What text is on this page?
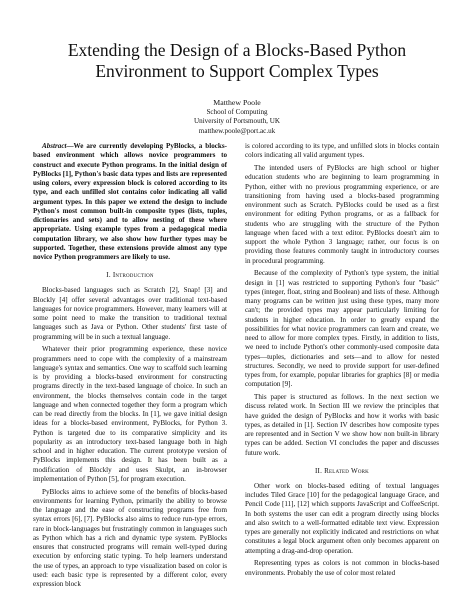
Extending the Design of a Blocks-Based Python
Environment to Support Complex Types
Matthew Poole
School of Computing
University of Portsmouth, UK
matthew.poole@port.ac.uk

Abstract—We are currently developing PyBlocks, a blocks-based environment which allows novice programmers to construct and execute Python programs. In the initial design of PyBlocks [1], Python's basic data types and lists are represented using colors, every expression block is colored according to its type, and each unfilled slot contains color indicating all valid argument types. In this paper we extend the design to include Python's most common built-in composite types (lists, tuples, dictionaries and sets) and to allow nesting of these where appropriate. Using example types from a pedagogical media computation library, we also show how further types may be supported. Together, these extensions provide almost any type novice Python programmers are likely to use.

I. Introduction

Blocks-based languages such as Scratch [2], Snap! [3] and Blockly [4] offer several advantages over traditional text-based languages for novice programmers. However, many learners will at some point need to make the transition to traditional textual languages such as Java or Python. Other students' first taste of programming will be in such a textual language.

Whatever their prior programming experience, these novice programmers need to cope with the complexity of a mainstream language's syntax and semantics. One way to scaffold such learning is by providing a blocks-based environment for constructing programs directly in the text-based language of choice. In such an environment, the blocks themselves contain code in the target language and when connected together they form a program which can be read directly from the blocks. In [1], we gave initial design ideas for a blocks-based environment, PyBlocks, for Python 3. Python is targeted due to its comparative simplicity and its popularity as an introductory text-based language both in high school and in higher education. The current prototype version of PyBlocks implements this design. It has been built as a modification of Blockly and uses Skulpt, an in-browser implementation of Python [5], for program execution.

PyBlocks aims to achieve some of the benefits of blocks-based environments for learning Python, primarily the ability to browse the language and the ease of constructing programs free from syntax errors [6], [7]. PyBlocks also aims to reduce run-type errors, rare in block-languages but frustratingly common in languages such as Python which has a rich and dynamic type system. PyBlocks ensures that constructed programs will remain well-typed during execution by enforcing static typing. To help learners understand the use of types, an approach to type visualization based on color is used: each basic type is represented by a different color, every expression block

is colored according to its type, and unfilled slots in blocks contain colors indicating all valid argument types.

The intended users of PyBlocks are high school or higher education students who are beginning to learn programming in Python, either with no previous programming experience, or are transitioning from having used a blocks-based programming environment such as Scratch. PyBlocks could be used as a first environment for editing Python programs, or as a fallback for students who are struggling with the structure of the Python language when faced with a text editor. PyBlocks doesn't aim to support the whole Python 3 language; rather, our focus is on providing those features commonly taught in introductory courses in procedural programming.

Because of the complexity of Python's type system, the initial design in [1] was restricted to supporting Python's four "basic" types (integer, float, string and Boolean) and lists of these. Although many programs can be written just using these types, many more can't; the provided types may appear particularly limiting for students in higher education. In order to greatly expand the possibilities for what novice programmers can learn and create, we need to allow for more complex types. Firstly, in addition to lists, we need to include Python's other commonly-used composite data types—tuples, dictionaries and sets—and to allow for nested structures. Secondly, we need to provide support for user-defined types from, for example, popular libraries for graphics [8] or media computation [9].

This paper is structured as follows. In the next section we discuss related work. In Section III we review the principles that have guided the design of PyBlocks and how it works with basic types, as detailed in [1]. Section IV describes how composite types are represented and in Section V we show how non built-in library types can be added. Section VI concludes the paper and discusses future work.

II. Related Work

Other work on blocks-based editing of textual languages includes Tiled Grace [10] for the pedagogical language Grace, and Pencil Code [11], [12] which supports JavaScript and CoffeeScript. In both systems the user can edit a program directly using blocks and also switch to a well-formatted editable text view. Expression types are generally not explicitly indicated and restrictions on what constitutes a legal block argument often only becomes apparent on attempting a drag-and-drop operation.

Representing types as colors is not common in blocks-based environments. Probably the use of color most related
